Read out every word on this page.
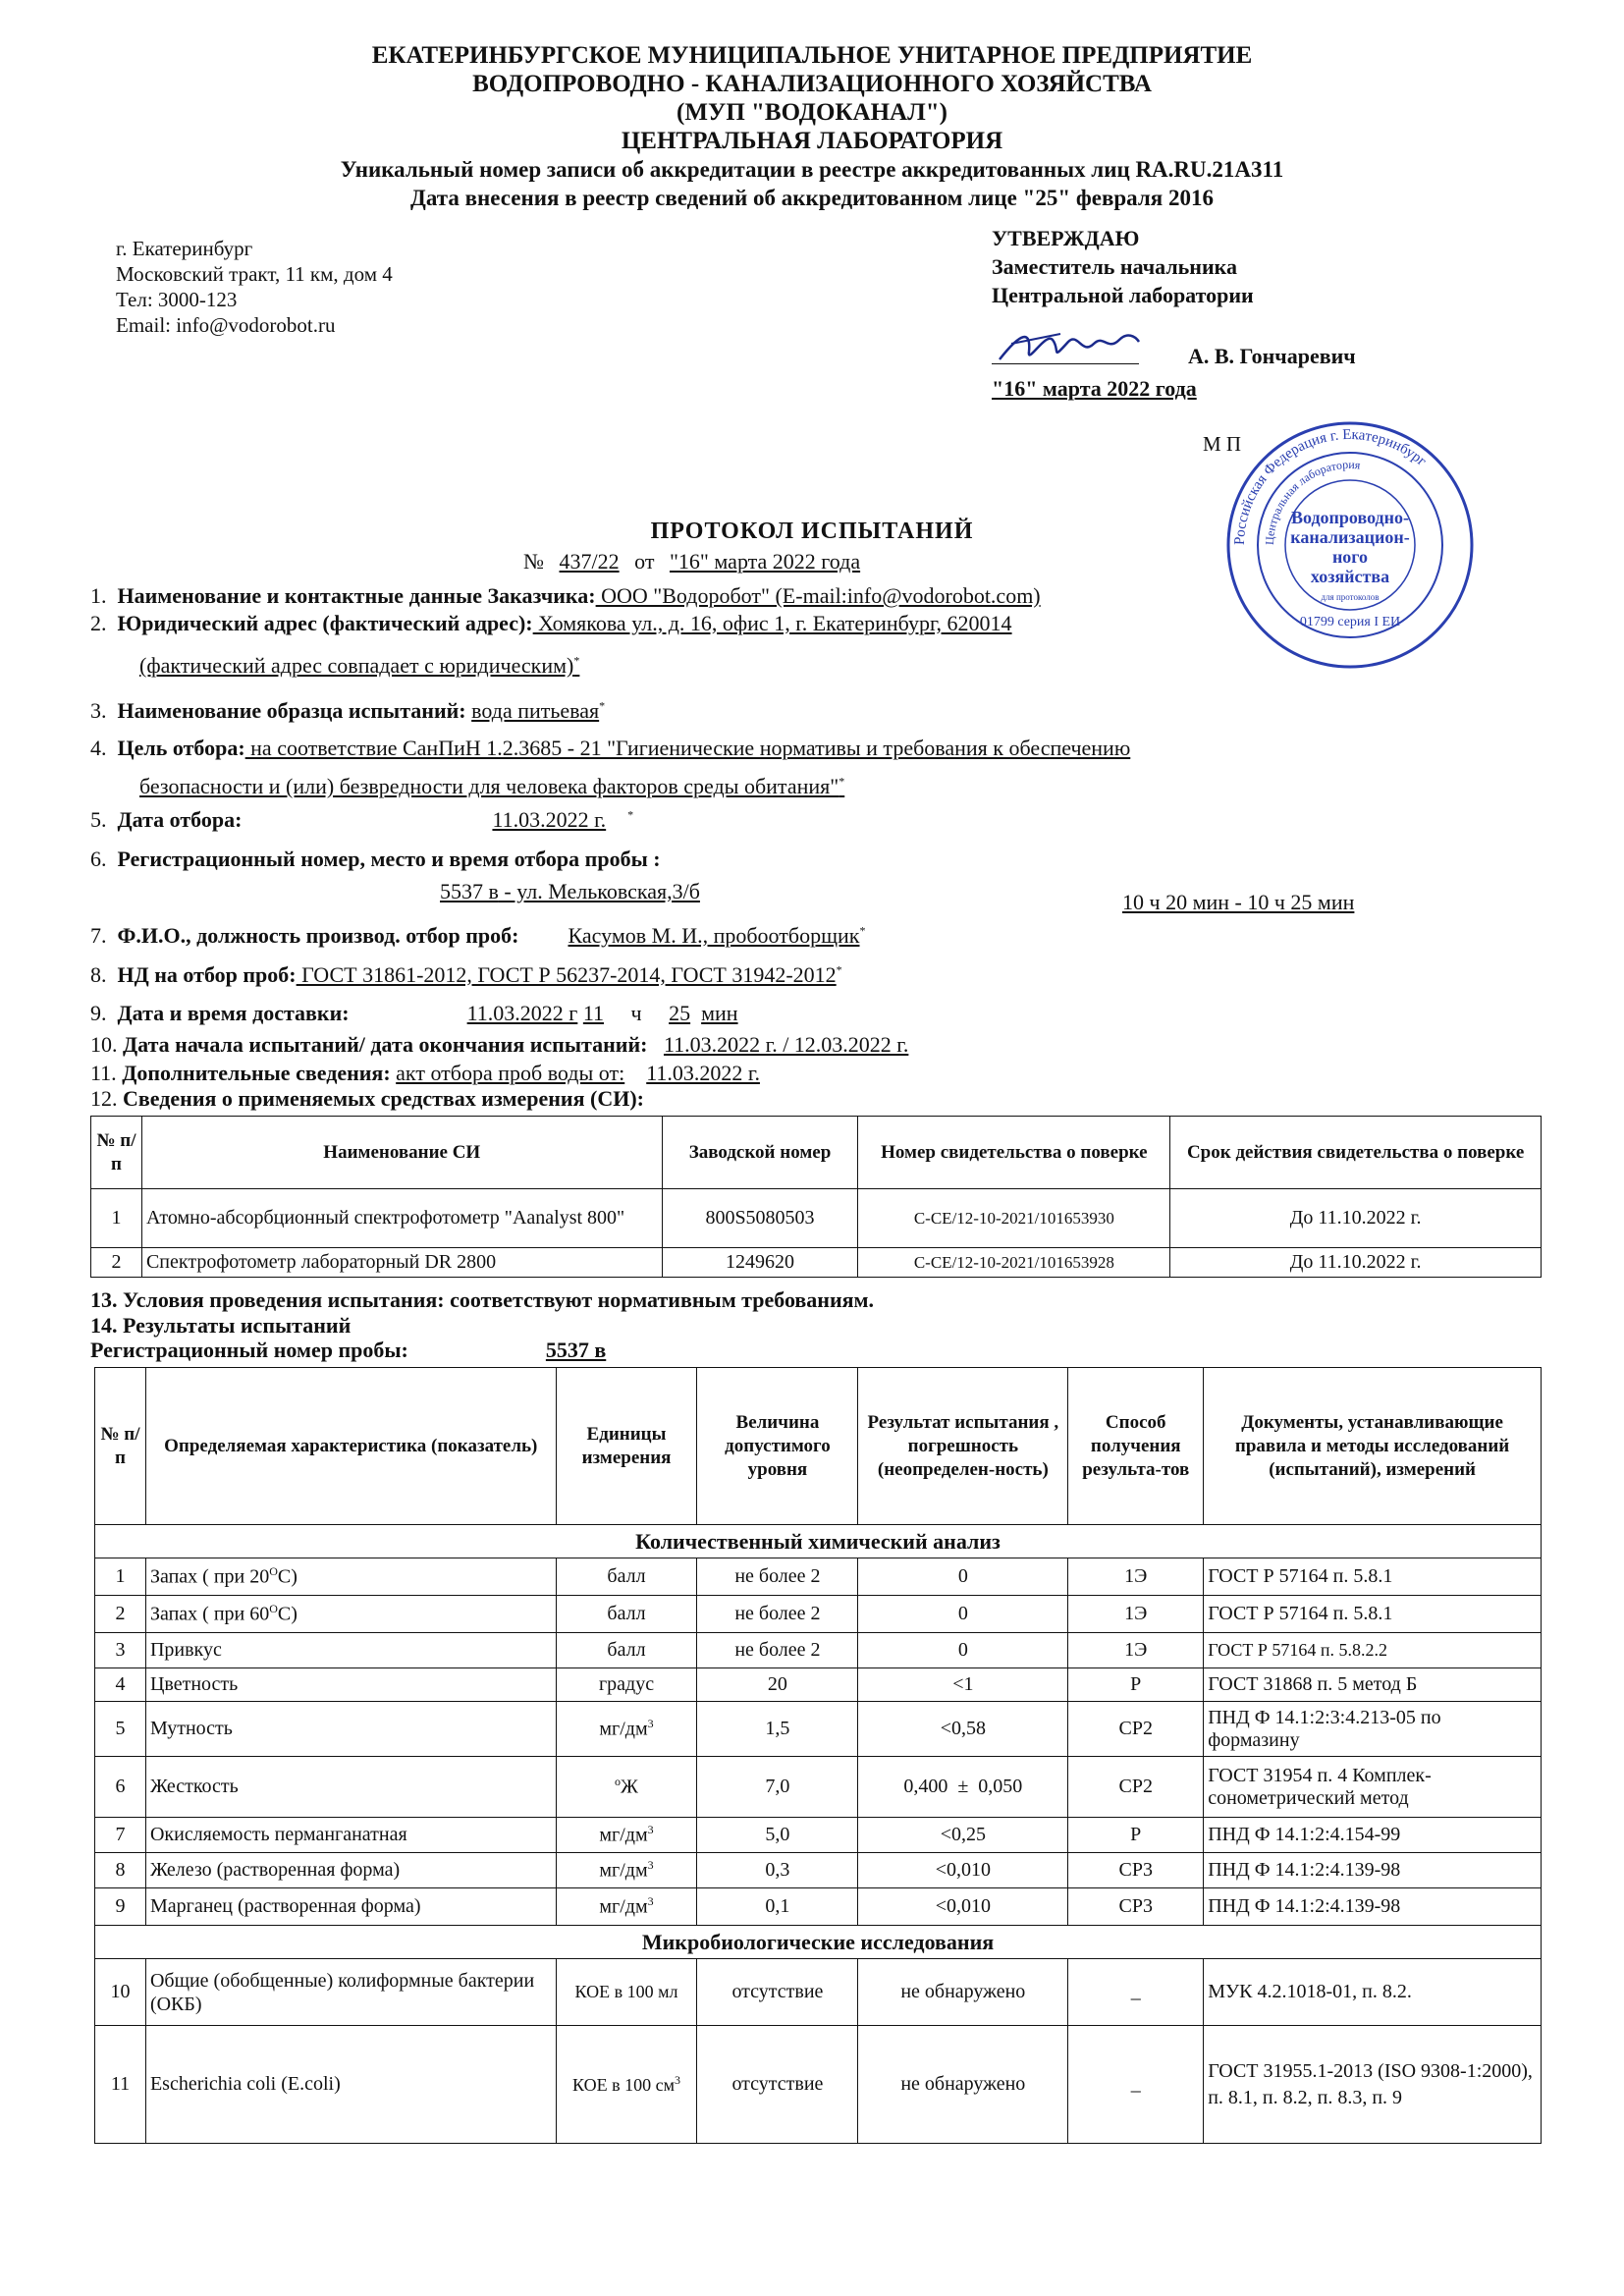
ЕКАТЕРИНБУРГСКОЕ МУНИЦИПАЛЬНОЕ УНИТАРНОЕ ПРЕДПРИЯТИЕ
ВОДОПРОВОДНО - КАНАЛИЗАЦИОННОГО ХОЗЯЙСТВА
(МУП "ВОДОКАНАЛ")
ЦЕНТРАЛЬНАЯ ЛАБОРАТОРИЯ
Уникальный номер записи об аккредитации в реестре аккредитованных лиц RA.RU.21A311
Дата внесения в реестр сведений об аккредитованном лице "25" февраля 2016
г. Екатеринбург
Московский тракт, 11 км, дом 4
Тел: 3000-123
Email: info@vodorobot.ru
УТВЕРЖДАЮ
Заместитель начальника
Центральной лаборатории
А. В. Гончаревич
"16" марта 2022 года
М П
Российская Федерация г. Екатеринбург
Центральная лаборатория
Водопроводно-
канализацион-
ного
хозяйства
для протоколов
01799 серия I ЕИ
ПРОТОКОЛ ИСПЫТАНИЙ
№ 437/22 от "16" марта 2022 года
1.  Наименование и контактные данные Заказчика: ООО "Водоробот" (E-mail:info@vodorobot.com)
2.  Юридический адрес (фактический адрес): Хомякова ул., д. 16, офис 1, г. Екатеринбург, 620014
(фактический адрес совпадает с юридическим)*
3.  Наименование образца испытаний: вода питьевая*
4.  Цель отбора: на соответствие СанПиН 1.2.3685 - 21 "Гигиенические нормативы и требования к обеспечению
безопасности и (или) безвредности для человека факторов среды обитания"*
5.  Дата отбора:	11.03.2022 г. *
6.  Регистрационный номер, место и время отбора пробы :
5537 в - ул. Мельковская,3/б	10 ч 20 мин - 10 ч 25 мин
7.  Ф.И.О., должность производ. отбор проб: Касумов М. И., пробоотборщик*
8.  НД на отбор проб: ГОСТ 31861-2012, ГОСТ Р 56237-2014, ГОСТ 31942-2012*
9.  Дата и время доставки:	11.03.2022 г 11 ч 25 мин
10. Дата начала испытаний/ дата окончания испытаний: 11.03.2022 г. / 12.03.2022 г.
11. Дополнительные сведения: акт отбора проб воды от: 11.03.2022 г.
12. Сведения о применяемых средствах измерения (СИ):
№ п/п	Наименование СИ	Заводской номер	Номер свидетельства о поверке	Срок действия свидетельства о поверке
1	Атомно-абсорбционный спектрофотометр "Aanalyst 800"	800S5080503	С-СЕ/12-10-2021/101653930	До 11.10.2022 г.
2	Спектрофотометр лабораторный DR 2800	1249620	С-СЕ/12-10-2021/101653928	До 11.10.2022 г.
13. Условия проведения испытания: соответствуют нормативным требованиям.
14. Результаты испытаний
Регистрационный номер пробы:	5537 в
№ п/п	Определяемая характеристика (показатель)	Единицы измерения	Величина допустимого уровня	Результат испытания , погрешность (неопределен-ность)	Способ получения результа-тов	Документы, устанавливающие правила и методы исследований (испытаний), измерений
Количественный химический анализ						
1	Запах ( при $20^ОС$)	балл	не более 2	0	1Э	ГОСТ Р 57164 п. 5.8.1
2	Запах ( при $60^ОС$)	балл	не более 2	0	1Э	ГОСТ Р 57164 п. 5.8.1
3	Привкус	балл	не более 2	0	1Э	ГОСТ Р 57164 п. 5.8.2.2
4	Цветность	градус	20	<1	Р	ГОСТ 31868 п. 5 метод Б
5	Мутность	$мг/дм^3$	1,5	<0,58	СР2	ПНД Ф 14.1:2:3:4.213-05 по формазину
6	Жесткость	$^о$Ж	7,0	0,400  ±  0,050	СР2	ГОСТ 31954 п. 4 Комплек-сонометрический метод
7	Окисляемость перманганатная	$мг/дм^3$	5,0	<0,25	Р	ПНД Ф 14.1:2:4.154-99
8	Железо (растворенная форма)	$мг/дм^3$	0,3	<0,010	СР3	ПНД Ф 14.1:2:4.139-98
9	Марганец (растворенная форма)	$мг/дм^3$	0,1	<0,010	СР3	ПНД Ф 14.1:2:4.139-98
Микробиологические исследования						
10	Общие (обобщенные) колиформные бактерии (ОКБ)	КОЕ в 100 мл	отсутствие	не обнаружено	_	МУК 4.2.1018-01, п. 8.2.
11	Escherichia coli (E.coli)	КОЕ в 100 $см^3$	отсутствие	не обнаружено	_	ГОСТ 31955.1-2013 (ISO 9308-1:2000), п. 8.1, п. 8.2, п. 8.3, п. 9
